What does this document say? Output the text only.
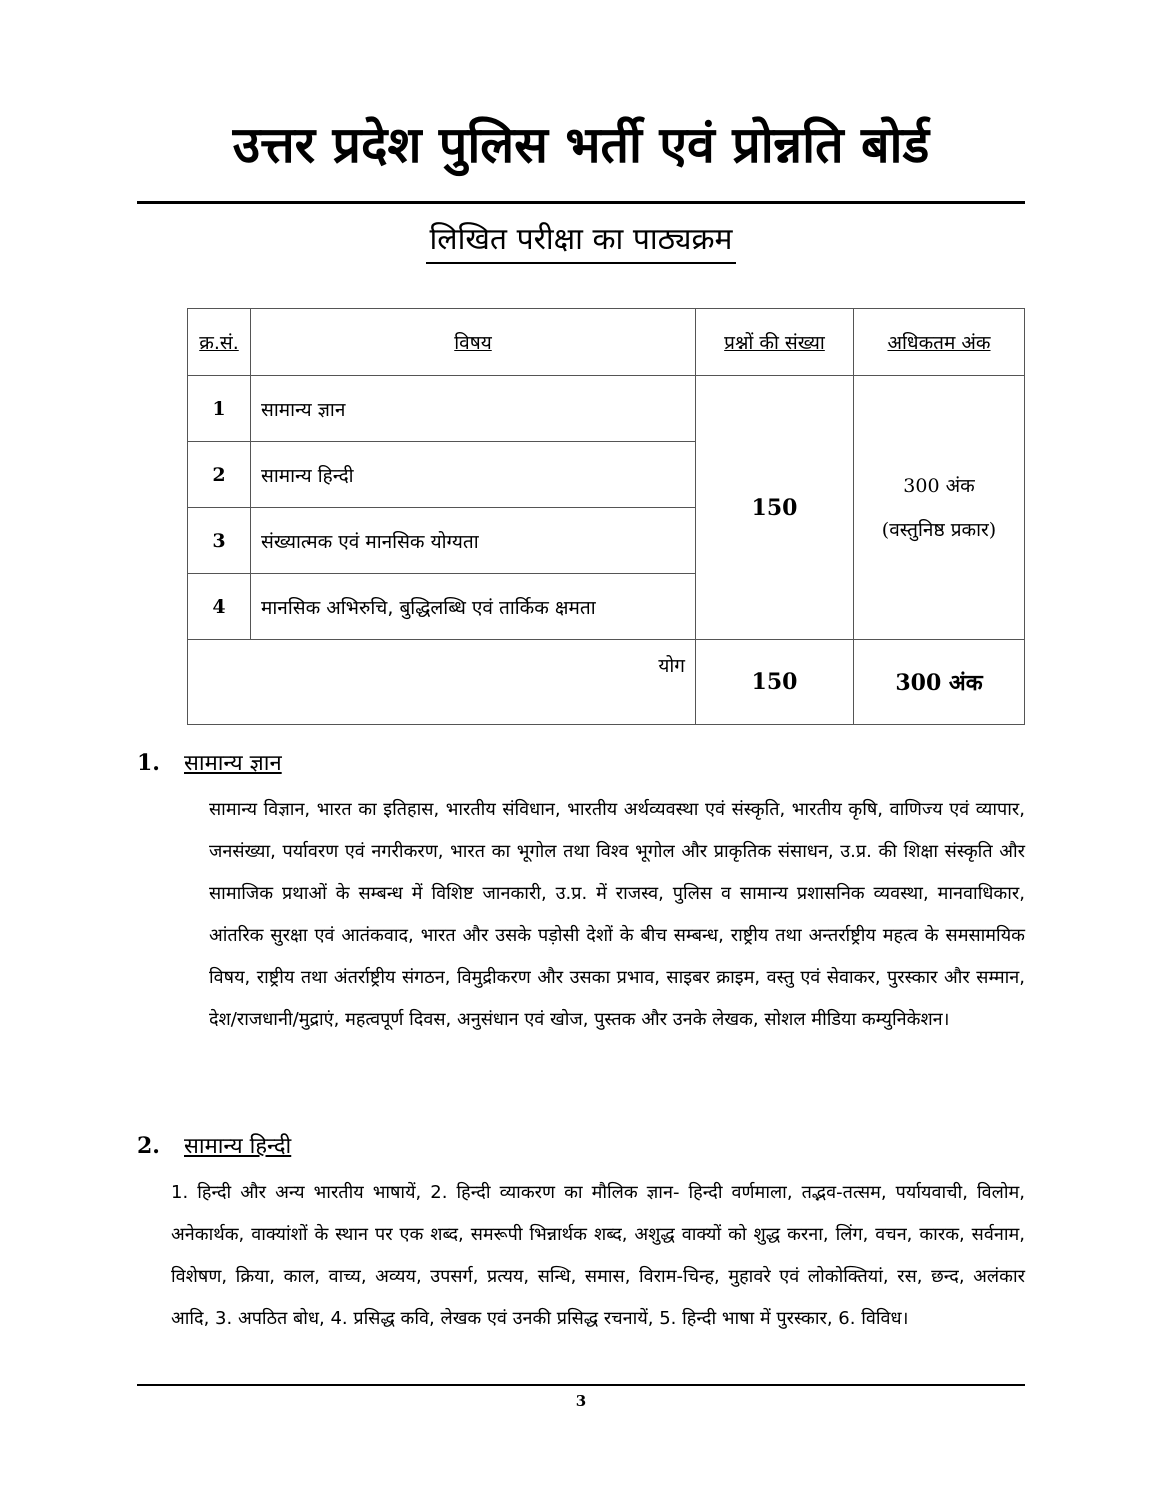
उत्तर प्रदेश पुलिस भर्ती एवं प्रोन्नति बोर्ड
लिखित परीक्षा का पाठ्यक्रम
क्र.सं.	विषय	प्रश्नों की संख्या	अधिकतम अंक
1	सामान्य ज्ञान	150	300 अंक
(वस्तुनिष्ठ प्रकार)

2	सामान्य हिन्दी		
3	संख्यात्मक एवं मानसिक योग्यता		
4	मानसिक अभिरुचि, बुद्धिलब्धि एवं तार्किक क्षमता		
योग		150	300 अंक
1. सामान्य ज्ञान
सामान्य विज्ञान, भारत का इतिहास, भारतीय संविधान, भारतीय अर्थव्यवस्था एवं संस्कृति, भारतीय कृषि, वाणिज्य एवं व्यापार, जनसंख्या, पर्यावरण एवं नगरीकरण, भारत का भूगोल तथा विश्व भूगोल और प्राकृतिक संसाधन, उ.प्र. की शिक्षा संस्कृति और सामाजिक प्रथाओं के सम्बन्ध में विशिष्ट जानकारी, उ.प्र. में राजस्व, पुलिस व सामान्य प्रशासनिक व्यवस्था, मानवाधिकार, आंतरिक सुरक्षा एवं आतंकवाद, भारत और उसके पड़ोसी देशों के बीच सम्बन्ध, राष्ट्रीय तथा अन्तर्राष्ट्रीय महत्व के समसामयिक विषय, राष्ट्रीय तथा अंतर्राष्ट्रीय संगठन, विमुद्रीकरण और उसका प्रभाव, साइबर क्राइम, वस्तु एवं सेवाकर, पुरस्कार और सम्मान, देश/राजधानी/मुद्राएं, महत्वपूर्ण दिवस, अनुसंधान एवं खोज, पुस्तक और उनके लेखक, सोशल मीडिया कम्युनिकेशन।
2. सामान्य हिन्दी
1. हिन्दी और अन्य भारतीय भाषायें, 2. हिन्दी व्याकरण का मौलिक ज्ञान- हिन्दी वर्णमाला, तद्भव-तत्सम, पर्यायवाची, विलोम, अनेकार्थक, वाक्यांशों के स्थान पर एक शब्द, समरूपी भिन्नार्थक शब्द, अशुद्ध वाक्यों को शुद्ध करना, लिंग, वचन, कारक, सर्वनाम, विशेषण, क्रिया, काल, वाच्य, अव्यय, उपसर्ग, प्रत्यय, सन्धि, समास, विराम-चिन्ह, मुहावरे एवं लोकोक्तियां, रस, छन्द, अलंकार आदि, 3. अपठित बोध, 4. प्रसिद्ध कवि, लेखक एवं उनकी प्रसिद्ध रचनायें, 5. हिन्दी भाषा में पुरस्कार, 6. विविध।
3
